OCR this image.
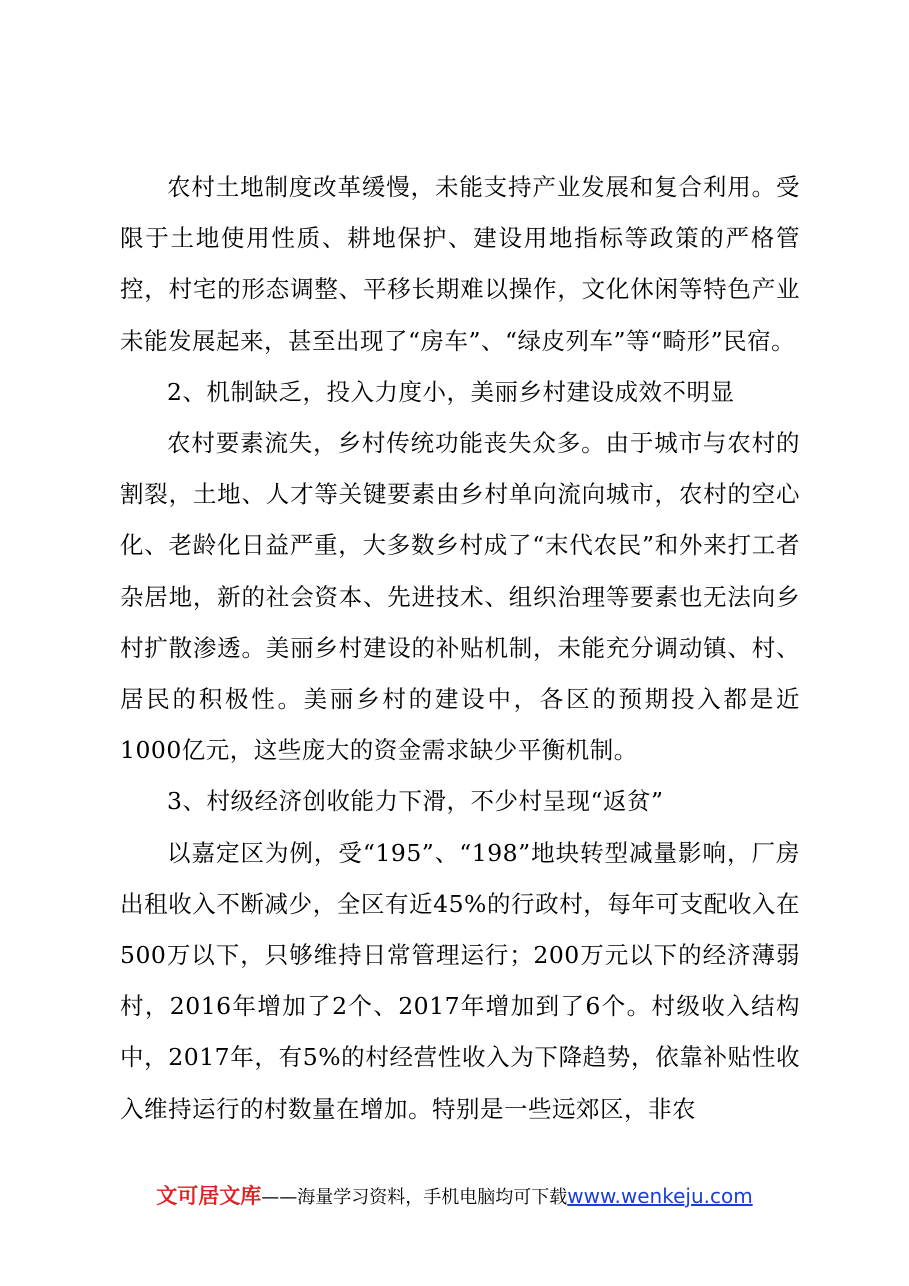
农村土地制度改革缓慢，未能支持产业发展和复合利用。受限于土地使用性质、耕地保护、建设用地指标等政策的严格管控，村宅的形态调整、平移长期难以操作，文化休闲等特色产业未能发展起来，甚至出现了“房车”、“绿皮列车”等“畸形”民宿。

2、机制缺乏，投入力度小，美丽乡村建设成效不明显

农村要素流失，乡村传统功能丧失众多。由于城市与农村的割裂，土地、人才等关键要素由乡村单向流向城市，农村的空心化、老龄化日益严重，大多数乡村成了“末代农民”和外来打工者杂居地，新的社会资本、先进技术、组织治理等要素也无法向乡村扩散渗透。美丽乡村建设的补贴机制，未能充分调动镇、村、居民的积极性。美丽乡村的建设中，各区的预期投入都是近1000亿元，这些庞大的资金需求缺少平衡机制。

3、村级经济创收能力下滑，不少村呈现“返贫”

以嘉定区为例，受“195”、“198”地块转型减量影响，厂房出租收入不断减少，全区有近45%的行政村，每年可支配收入在500万以下，只够维持日常管理运行；200万元以下的经济薄弱村，2016年增加了2个、2017年增加到了6个。村级收入结构中，2017年，有5%的村经营性收入为下降趋势，依靠补贴性收入维持运行的村数量在增加。特别是一些远郊区，非农

文可居文库——海量学习资料，手机电脑均可下载www.wenkeju.com
